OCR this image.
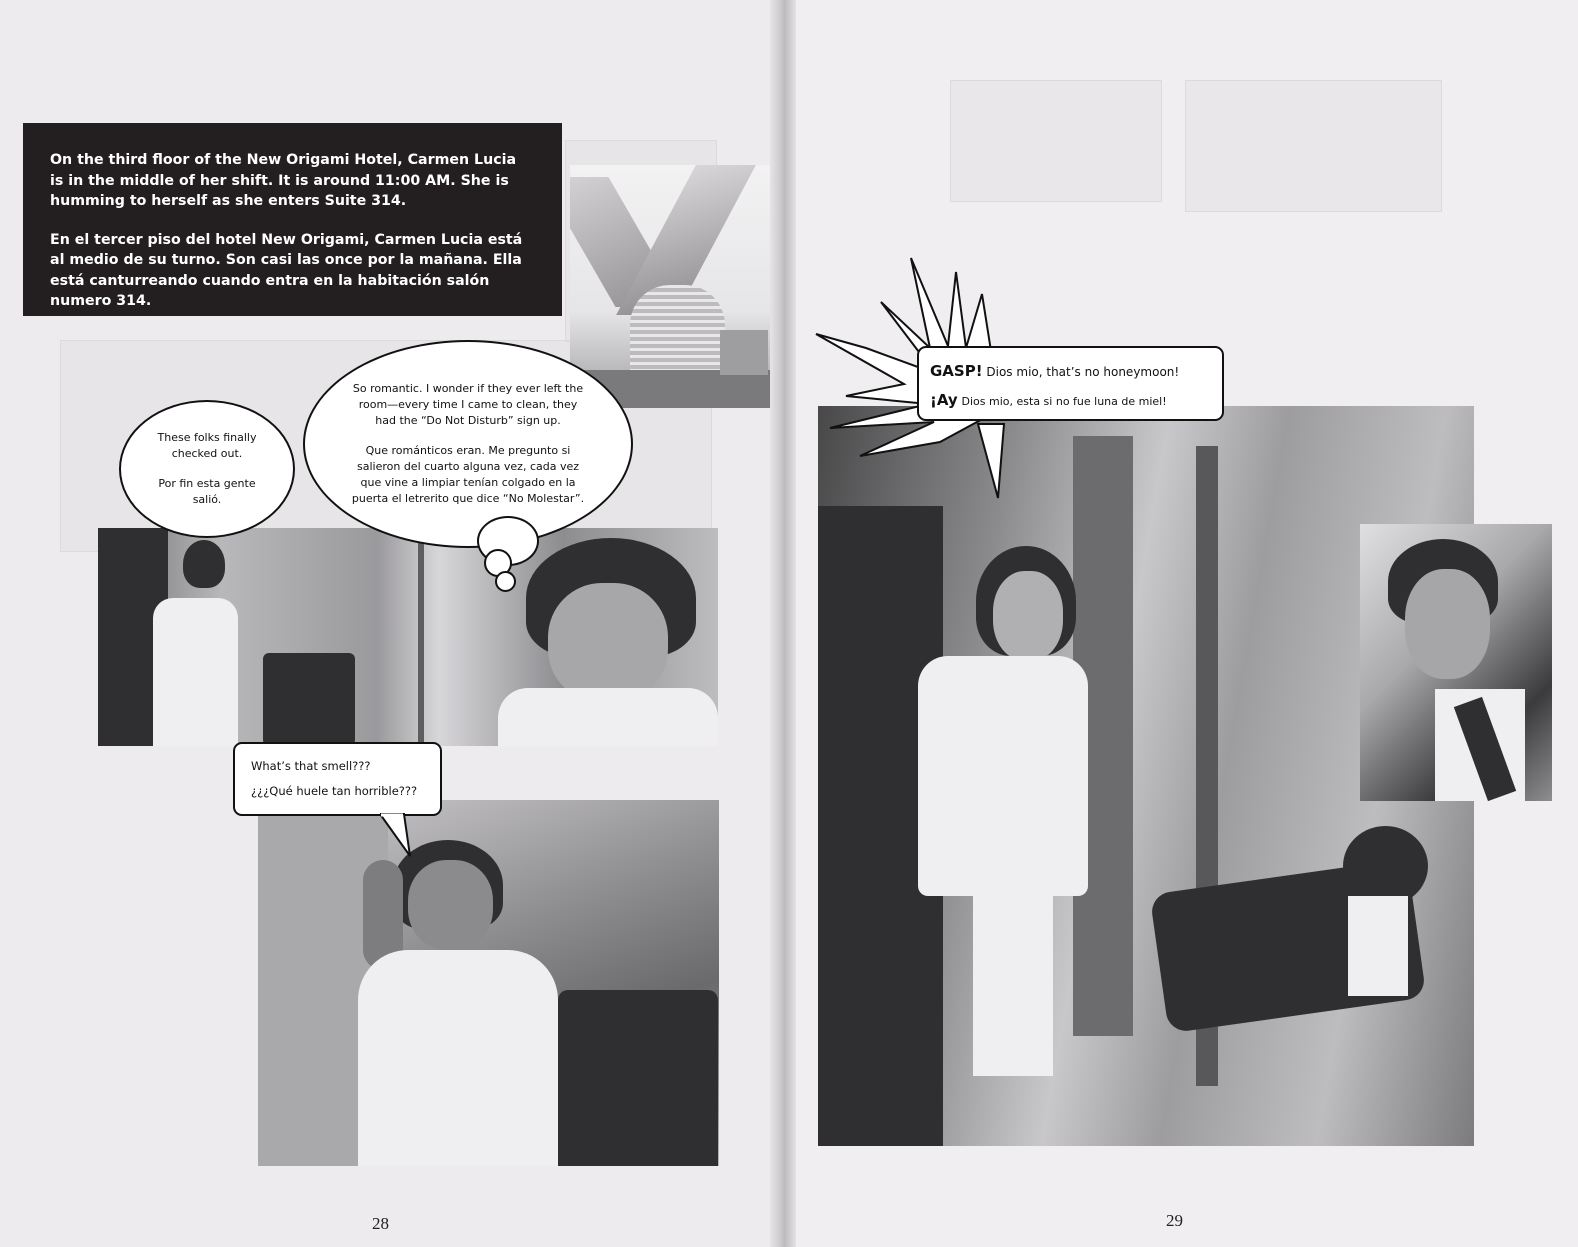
On the third floor of the New Origami Hotel, Carmen Lucia is in the middle of her shift. It is around 11:00 AM. She is humming to herself as she enters Suite 314.

En el tercer piso del hotel New Origami, Carmen Lucia está al medio de su turno. Son casi las once por la mañana. Ella está canturreando cuando entra en la habitación salón numero 314.

These folks finally checked out.

Por fin esta gente salió.

So romantic. I wonder if they ever left the room—every time I came to clean, they had the “Do Not Disturb” sign up.

Que románticos eran. Me pregunto si salieron del cuarto alguna vez, cada vez que vine a limpiar tenían colgado en la puerta el letrerito que dice “No Molestar”.

What’s that smell???

¿¿¿Qué huele tan horrible???

28

GASP! Dios mio, that’s no honeymoon!

¡Ay Dios mio, esta si no fue luna de miel!

29
